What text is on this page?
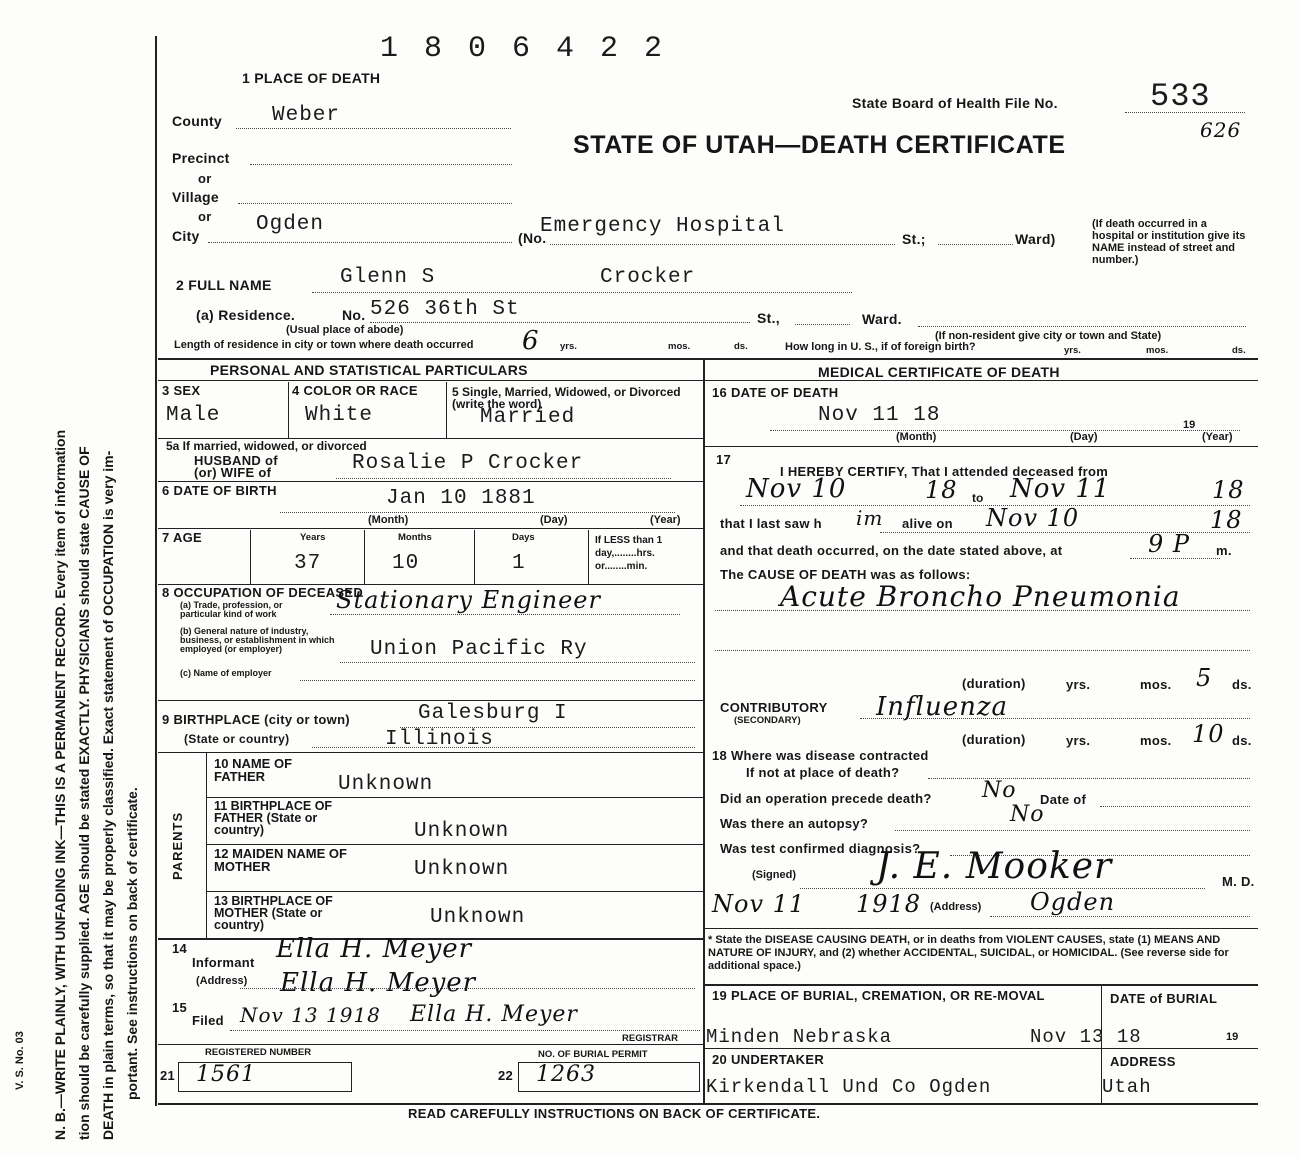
V. S. No. 03 N. B.—WRITE PLAINLY, WITH UNFADING INK—THIS IS A PERMANENT RECORD. Every item of information tion should be carefully supplied. AGE should be stated EXACTLY. PHYSICIANS should state CAUSE OF DEATH in plain terms, so that it may be properly classified. Exact statement of OCCUPATION is very im- portant. See instructions on back of certificate.
1 8 0 6 4 2 2
1 PLACE OF DEATH
State Board of Health File No.	533
626
STATE OF UTAH—DEATH CERTIFICATE
County Weber
Precinct
or
Village
or
City	Ogden
(No.
Emergency Hospital
St.;	Ward)
(If death occurred in a hospital or institution give its NAME instead of street and number.)
2 FULL NAME	Glenn S	Crocker
(a) Residence.	No. 526 36th St	St.,	Ward.
(Usual place of abode)	(If non-resident give city or town and State)
Length of residence in city or town where death occurred 6 yrs.	mos.	ds.	How long in U. S., if of foreign birth?	yrs.	mos.	ds.
PERSONAL AND STATISTICAL PARTICULARS
3 SEX
Male
4 COLOR OR RACE
White
5 Single, Married, Widowed, or Divorced (write the word)
Married
5a If married, widowed, or divorced
HUSBAND of
(or) WIFE of	Rosalie P Crocker
6 DATE OF BIRTH	Jan 10 1881
(Month)	(Day)	(Year)
7 AGE	Years
37
Months
10
Days
1
If LESS than 1 day,........hrs. or........min.
8 OCCUPATION OF DECEASED
(a) Trade, profession, or particular kind of work	Stationary Engineer
(b) General nature of industry, business, or establishment in which employed (or employer)	Union Pacific Ry
(c) Name of employer
9 BIRTHPLACE (city or town)	Galesburg I
(State or country)	Illinois
PARENTS
10 NAME OF FATHER	Unknown
11 BIRTHPLACE OF FATHER (State or country)	Unknown
12 MAIDEN NAME OF MOTHER	Unknown
13 BIRTHPLACE OF MOTHER (State or country)	Unknown
14
Informant Ella H. Meyer
(Address) Ella H. Meyer
15
Filed Nov 13 1918 Ella H. Meyer
REGISTRAR
REGISTERED NUMBER
21 1561
NO. OF BURIAL PERMIT
22 1263
MEDICAL CERTIFICATE OF DEATH
16 DATE OF DEATH
Nov 11 18	19
(Month)	(Day)	(Year)
17
I HEREBY CERTIFY, That I attended deceased from
Nov 10	to Nov 11
18	18
that I last saw h im alive on Nov 10	18
and that death occurred, on the date stated above, at	9 P m.
The CAUSE OF DEATH was as follows:
Acute Broncho Pneumonia
(duration)	yrs.	mos. 5 ds.
CONTRIBUTORY
(SECONDARY)	Influenza
(duration)	yrs.	mos. 10 ds.
18 Where was disease contracted
If not at place of death?
Did an operation precede death? No Date of
Was there an autopsy?	No
Was test confirmed diagnosis?
(Signed) J. E. Mooker	M. D.
Nov 11 1918 (Address) Ogden
* State the DISEASE CAUSING DEATH, or in deaths from VIOLENT CAUSES, state (1) MEANS AND NATURE OF INJURY, and (2) whether ACCIDENTAL, SUICIDAL, or HOMICIDAL. (See reverse side for additional space.)
19 PLACE OF BURIAL, CREMATION, OR RE-MOVAL	DATE of BURIAL
Minden Nebraska	Nov 13 18	19
20 UNDERTAKER	ADDRESS
Kirkendall Und Co Ogden	Utah
READ CAREFULLY INSTRUCTIONS ON BACK OF CERTIFICATE.
